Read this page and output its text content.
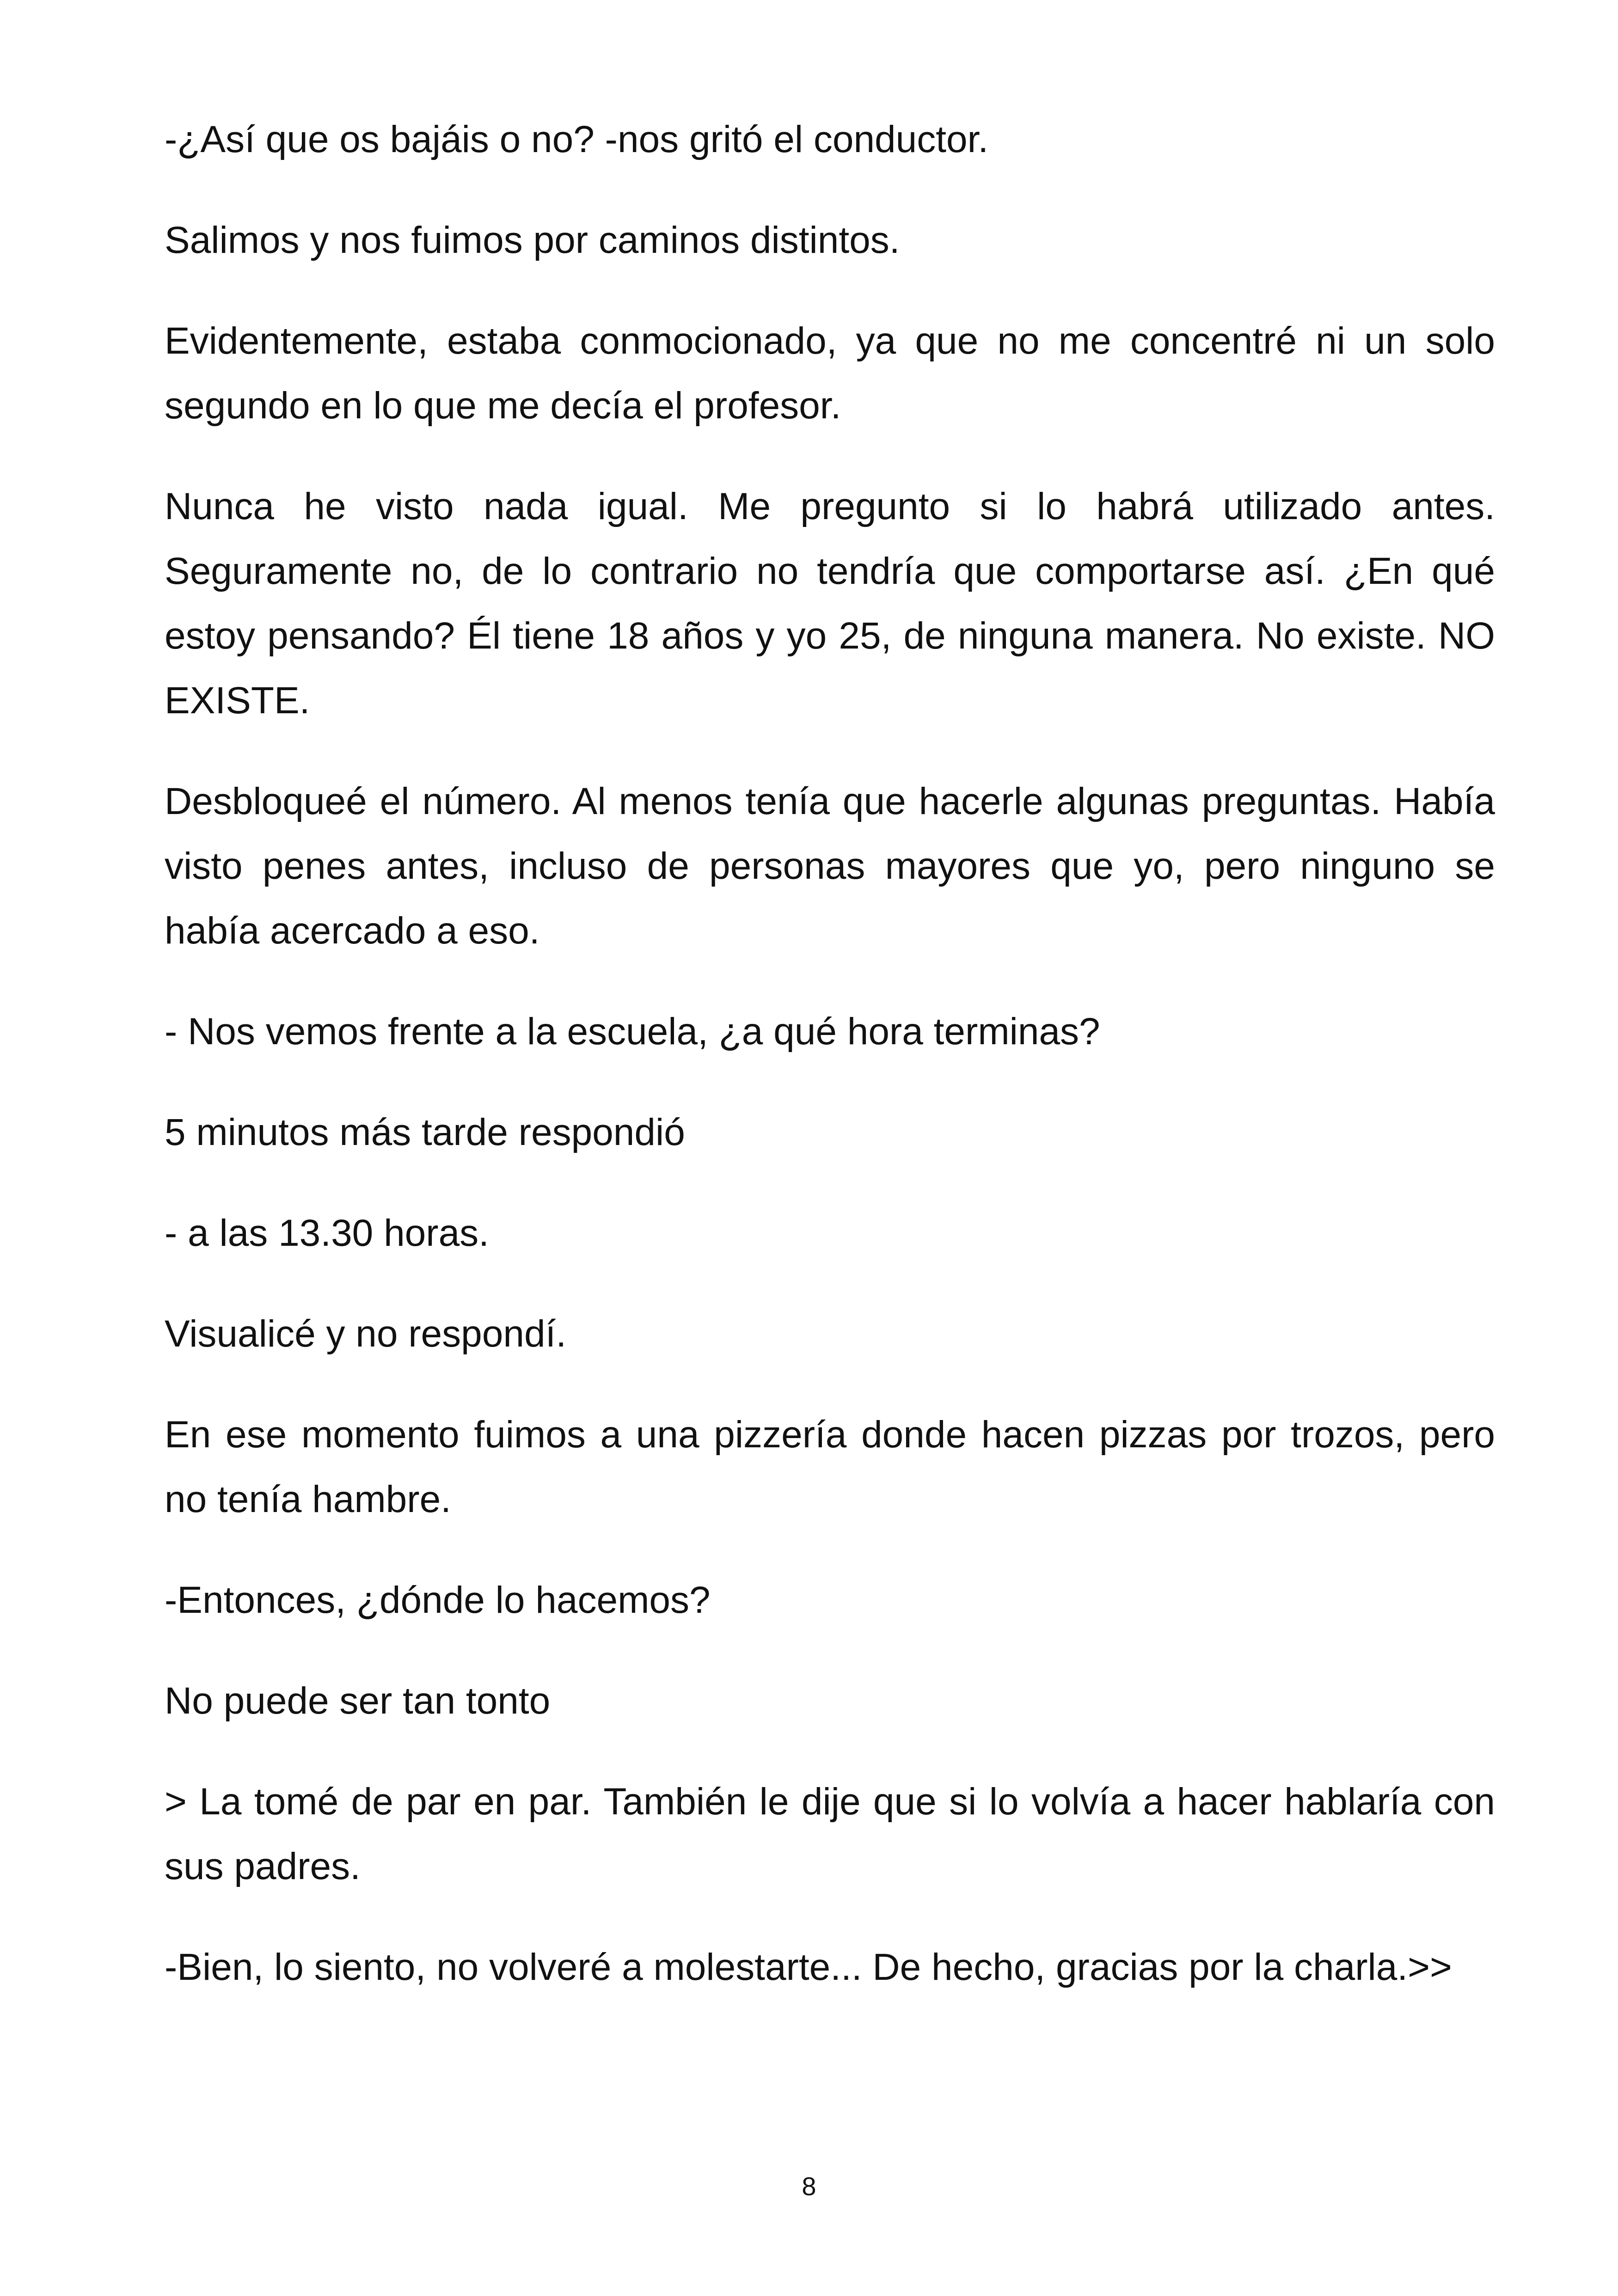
-¿Así que os bajáis o no? -nos gritó el conductor.

Salimos y nos fuimos por caminos distintos.

Evidentemente, estaba conmocionado, ya que no me concentré ni un solo segundo en lo que me decía el profesor.

Nunca he visto nada igual. Me pregunto si lo habrá utilizado antes. Seguramente no, de lo contrario no tendría que comportarse así. ¿En qué estoy pensando? Él tiene 18 años y yo 25, de ninguna manera. No existe. NO EXISTE.

Desbloqueé el número. Al menos tenía que hacerle algunas preguntas. Había visto penes antes, incluso de personas mayores que yo, pero ninguno se había acercado a eso.

- Nos vemos frente a la escuela, ¿a qué hora terminas?

5 minutos más tarde respondió

- a las 13.30 horas.

Visualicé y no respondí.

En ese momento fuimos a una pizzería donde hacen pizzas por trozos, pero no tenía hambre.

-Entonces, ¿dónde lo hacemos?

No puede ser tan tonto

> La tomé de par en par. También le dije que si lo volvía a hacer hablaría con sus padres.

-Bien, lo siento, no volveré a molestarte... De hecho, gracias por la charla.>>

8
